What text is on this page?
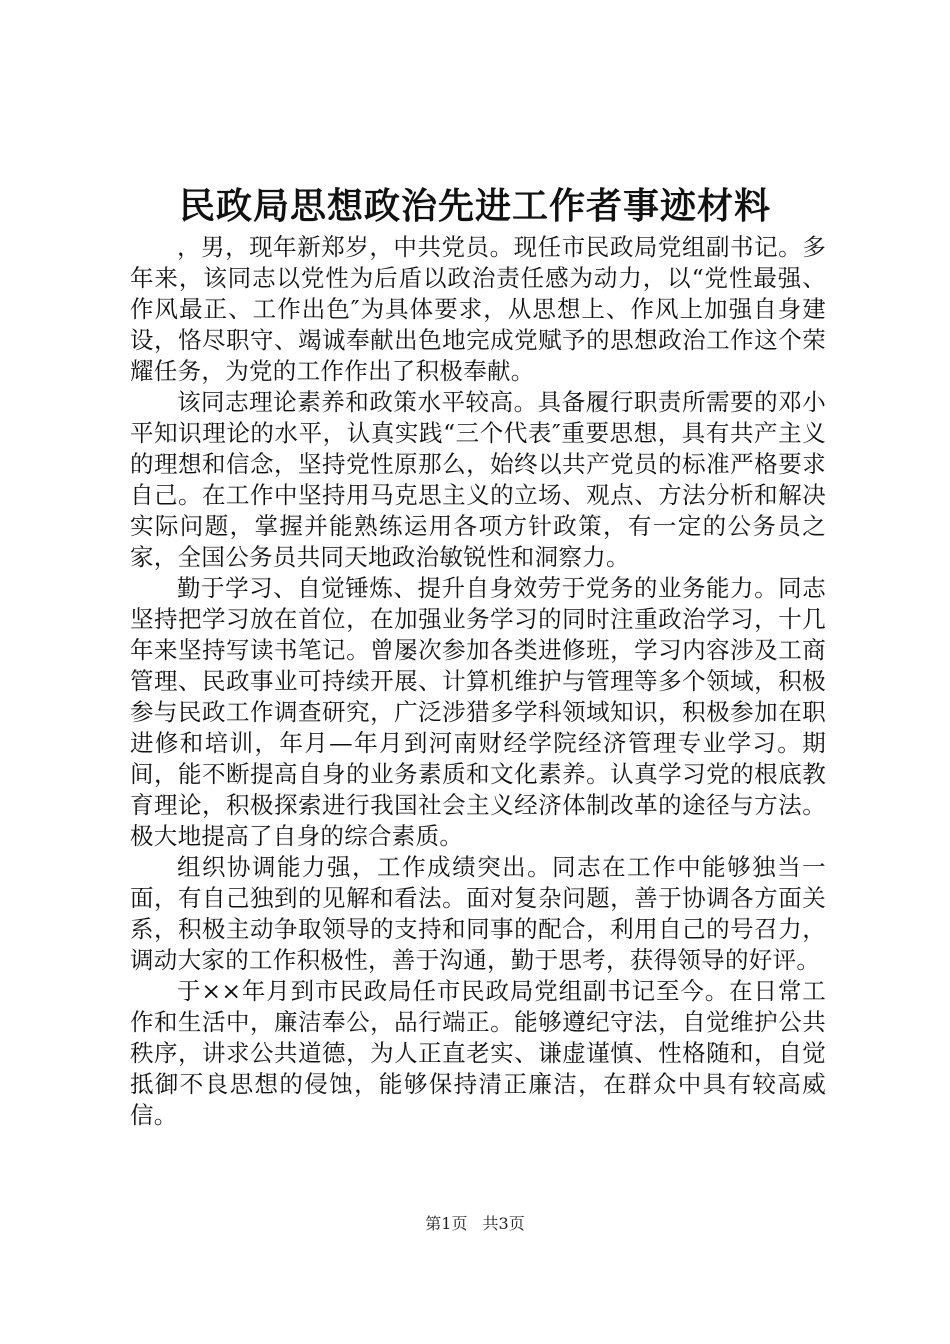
民政局思想政治先进工作者事迹材料

，男，现年新郑岁，中共党员。现任市民政局党组副书记。多年来，该同志以党性为后盾以政治责任感为动力，以“党性最强、作风最正、工作出色″为具体要求，从思想上、作风上加强自身建设，恪尽职守、竭诚奉献出色地完成党赋予的思想政治工作这个荣耀任务，为党的工作作出了积极奉献。

该同志理论素养和政策水平较高。具备履行职责所需要的邓小平知识理论的水平，认真实践“三个代表″重要思想，具有共产主义的理想和信念，坚持党性原那么，始终以共产党员的标准严格要求自己。在工作中坚持用马克思主义的立场、观点、方法分析和解决实际问题，掌握并能熟练运用各项方针政策，有一定的公务员之家，全国公务员共同天地政治敏锐性和洞察力。

勤于学习、自觉锤炼、提升自身效劳于党务的业务能力。同志坚持把学习放在首位，在加强业务学习的同时注重政治学习，十几年来坚持写读书笔记。曾屡次参加各类进修班，学习内容涉及工商管理、民政事业可持续开展、计算机维护与管理等多个领域，积极参与民政工作调查研究，广泛涉猎多学科领域知识，积极参加在职进修和培训，年月—年月到河南财经学院经济管理专业学习。期间，能不断提高自身的业务素质和文化素养。认真学习党的根底教育理论，积极探索进行我国社会主义经济体制改革的途径与方法。极大地提高了自身的综合素质。

组织协调能力强，工作成绩突出。同志在工作中能够独当一面，有自己独到的见解和看法。面对复杂问题，善于协调各方面关系，积极主动争取领导的支持和同事的配合，利用自己的号召力，调动大家的工作积极性，善于沟通，勤于思考，获得领导的好评。

于××年月到市民政局任市民政局党组副书记至今。在日常工作和生活中，廉洁奉公，品行端正。能够遵纪守法，自觉维护公共秩序，讲求公共道德，为人正直老实、谦虚谨慎、性格随和，自觉抵御不良思想的侵蚀，能够保持清正廉洁，在群众中具有较高威信。

第1页 共3页
